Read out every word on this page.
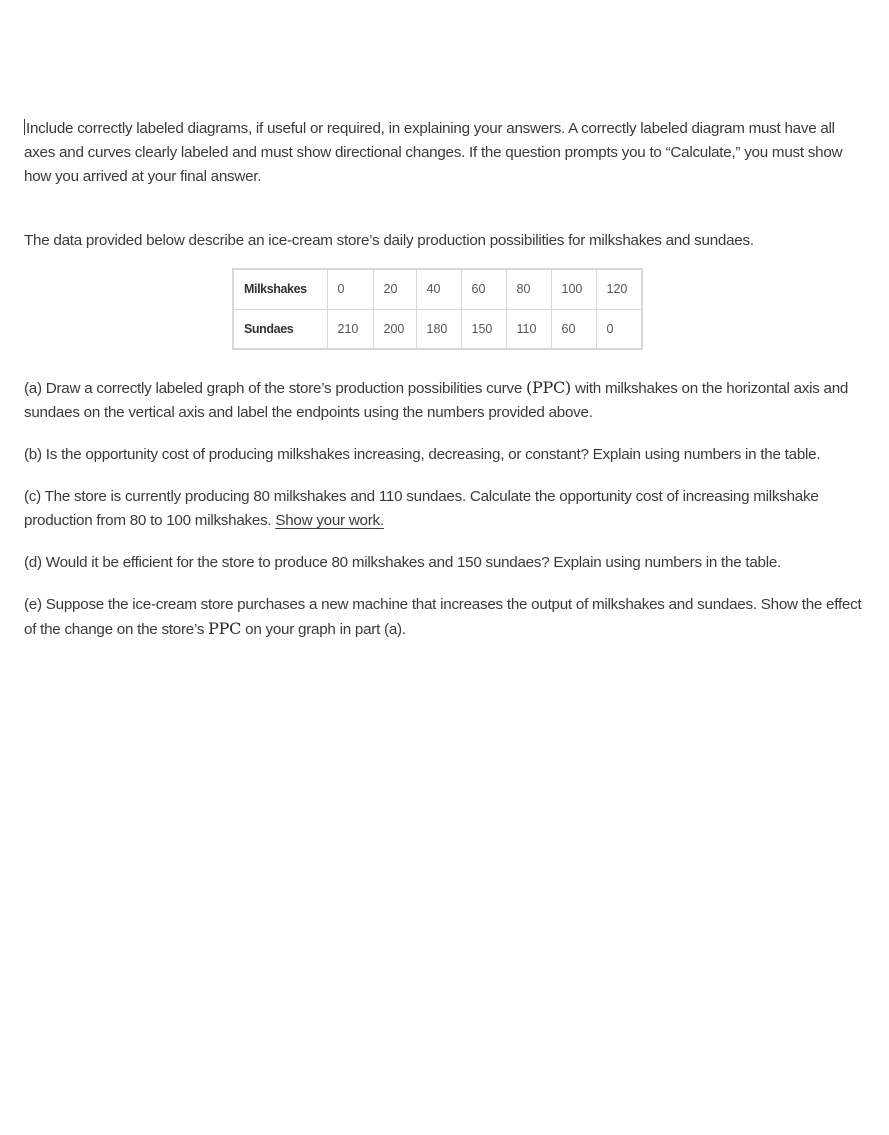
Include correctly labeled diagrams, if useful or required, in explaining your answers. A correctly labeled diagram must have all axes and curves clearly labeled and must show directional changes. If the question prompts you to “Calculate,” you must show how you arrived at your final answer.

The data provided below describe an ice-cream store’s daily production possibilities for milkshakes and sundaes.

Milkshakes	0	20	40	60	80	100	120
Sundaes	210	200	180	150	110	60	0

(a) Draw a correctly labeled graph of the store’s production possibilities curve (PPC) with milkshakes on the horizontal axis and sundaes on the vertical axis and label the endpoints using the numbers provided above.

(b) Is the opportunity cost of producing milkshakes increasing, decreasing, or constant? Explain using numbers in the table.

(c) The store is currently producing 80 milkshakes and 110 sundaes. Calculate the opportunity cost of increasing milkshake production from 80 to 100 milkshakes. Show your work.

(d) Would it be efficient for the store to produce 80 milkshakes and 150 sundaes? Explain using numbers in the table.

(e) Suppose the ice-cream store purchases a new machine that increases the output of milkshakes and sundaes. Show the effect of the change on the store’s PPC on your graph in part (a).
